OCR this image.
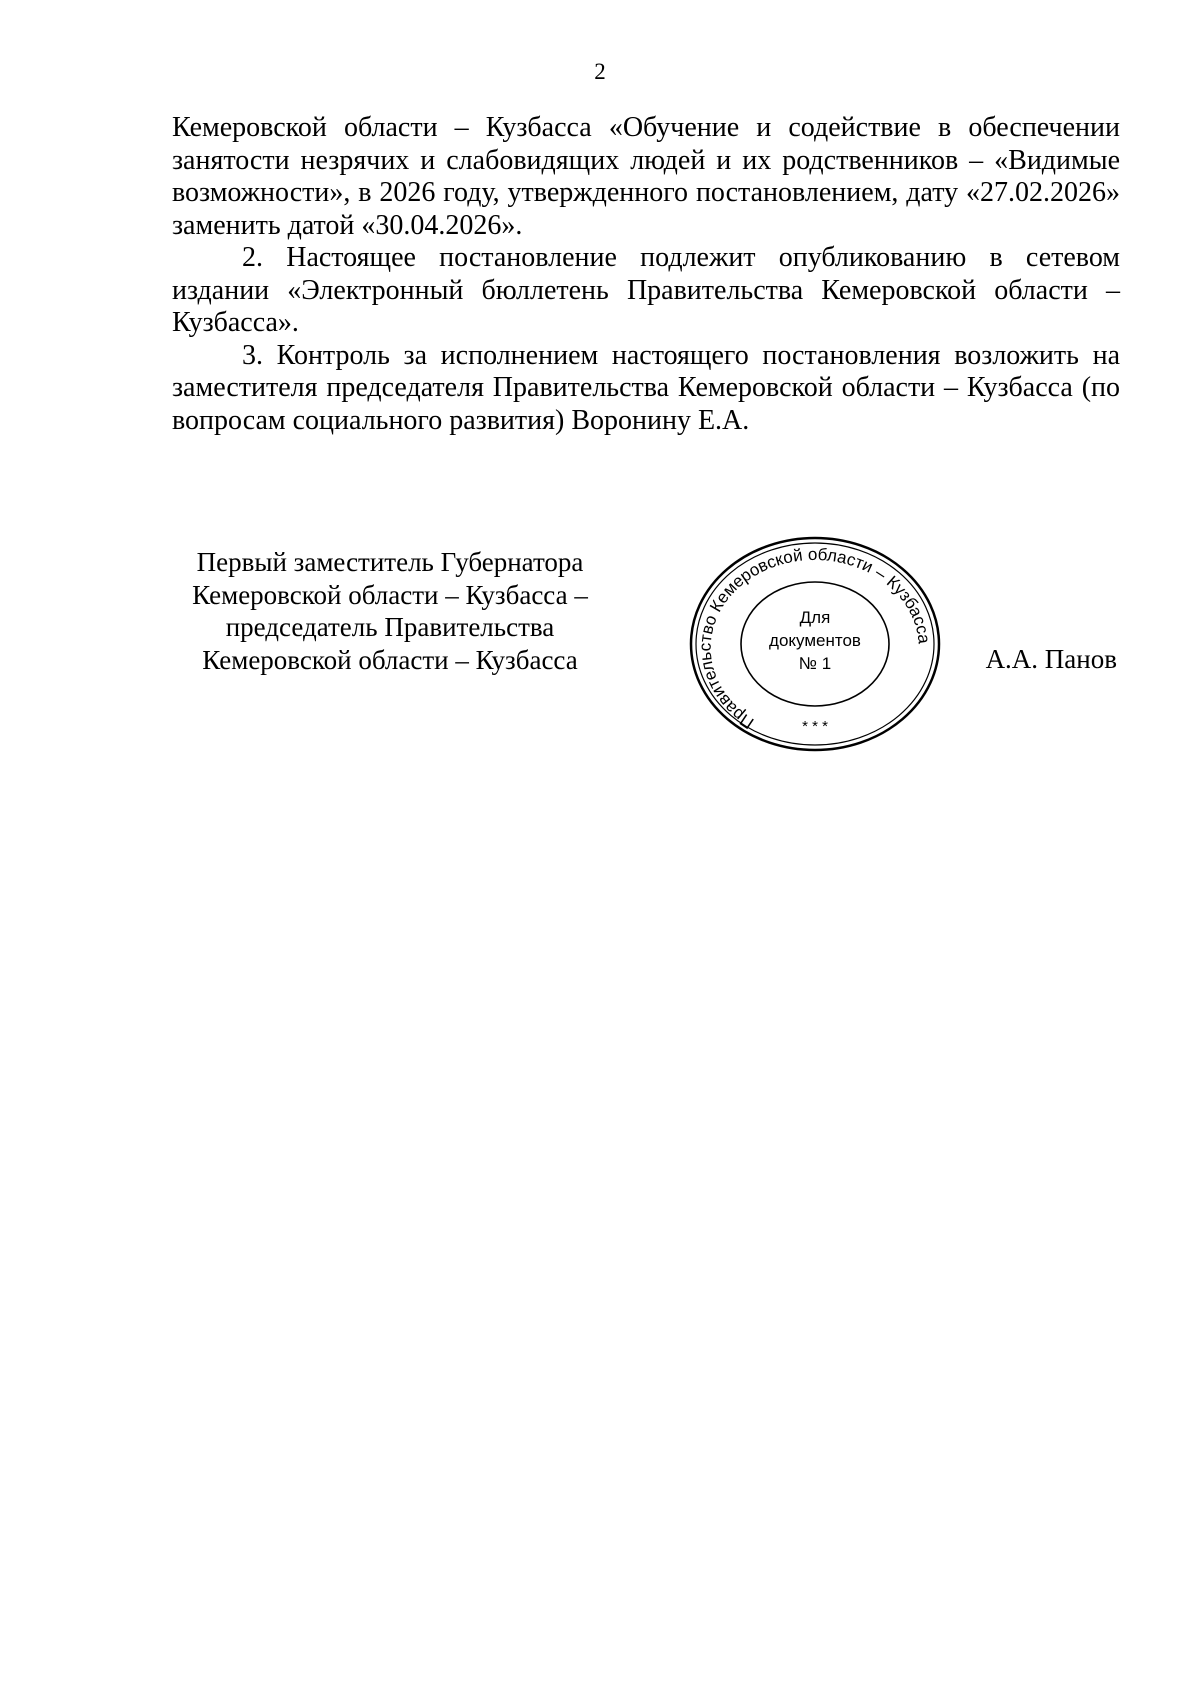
2

Кемеровской области – Кузбасса «Обучение и содействие в обеспечении занятости незрячих и слабовидящих людей и их родственников – «Видимые возможности», в 2026 году, утвержденного постановлением, дату «27.02.2026» заменить датой «30.04.2026».

2. Настоящее постановление подлежит опубликованию в сетевом издании «Электронный бюллетень Правительства Кемеровской области – Кузбасса».

3. Контроль за исполнением настоящего постановления возложить на заместителя председателя Правительства Кемеровской области – Кузбасса (по вопросам социального развития) Воронину Е.А.

Первый заместитель Губернатора
Кемеровской области – Кузбасса –
председатель Правительства
Кемеровской области – Кузбасса
Правительство Кемеровской области – Кузбасса
* * *
Для
документов
№ 1	А.А. Панов
